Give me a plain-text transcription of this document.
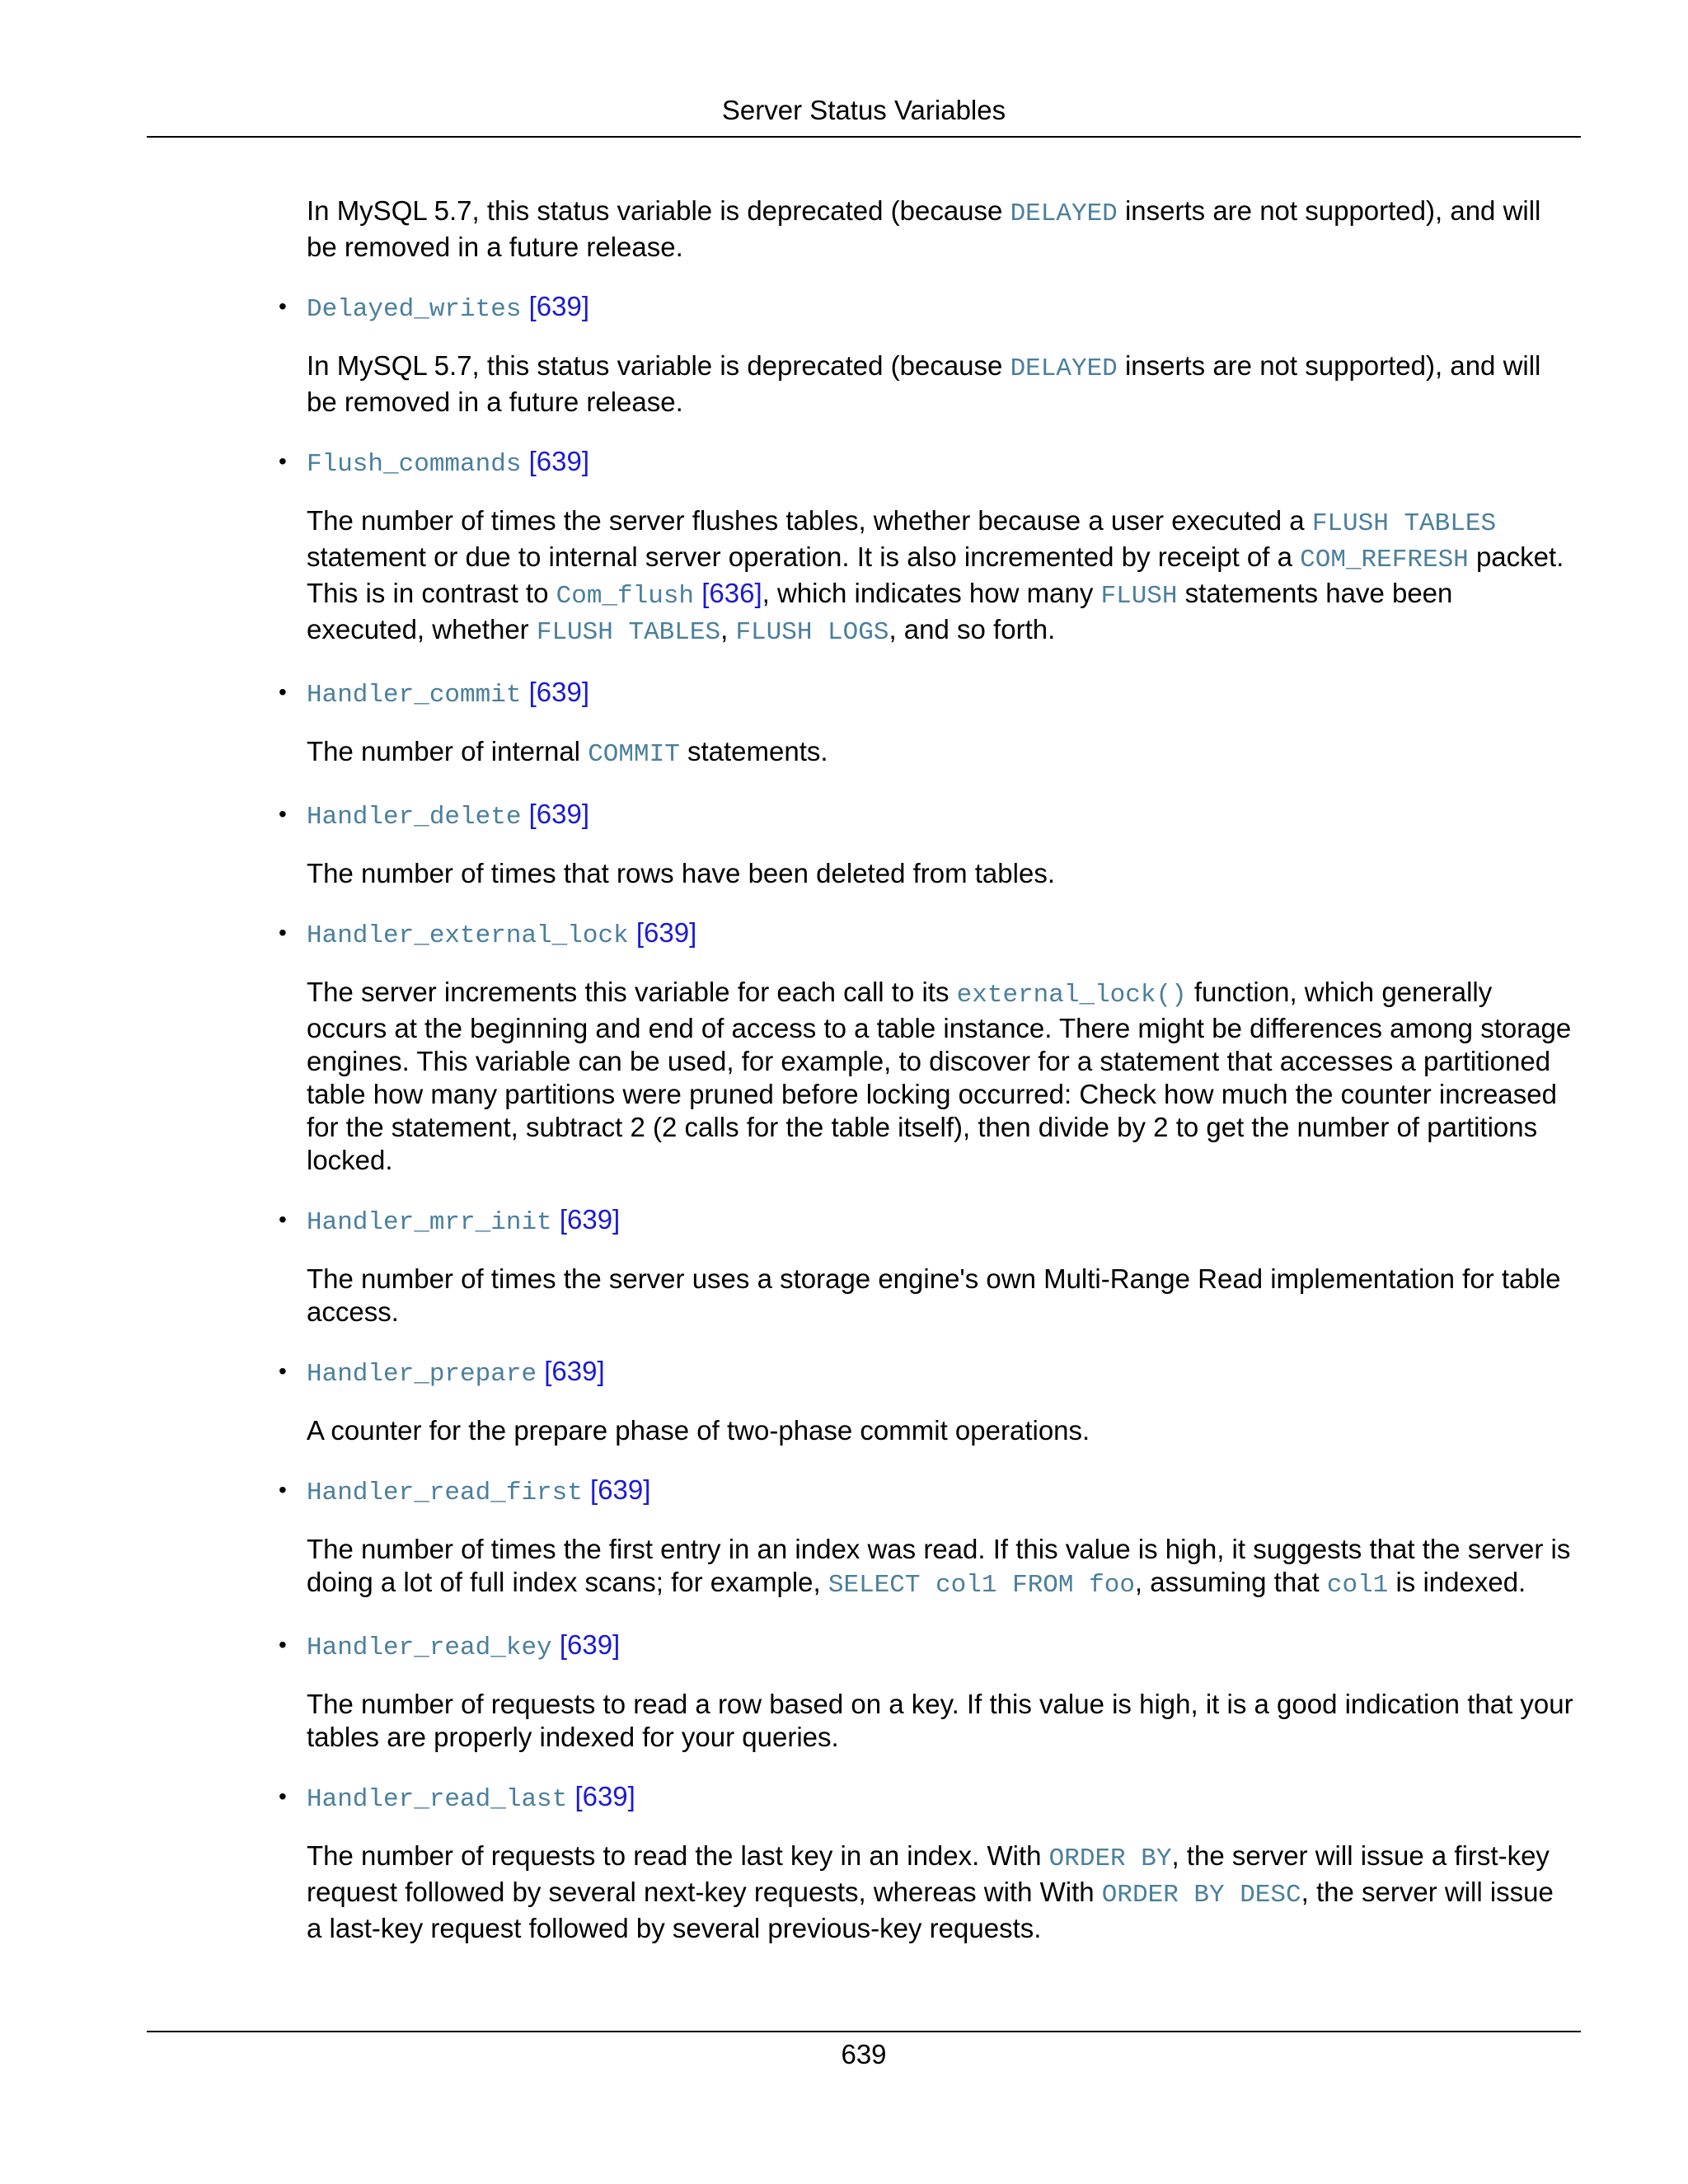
Server Status Variables

In MySQL 5.7, this status variable is deprecated (because DELAYED inserts are not supported), and will be removed in a future release.

• Delayed_writes [639]

In MySQL 5.7, this status variable is deprecated (because DELAYED inserts are not supported), and will be removed in a future release.

• Flush_commands [639]

The number of times the server flushes tables, whether because a user executed a FLUSH TABLES statement or due to internal server operation. It is also incremented by receipt of a COM_REFRESH packet. This is in contrast to Com_flush [636], which indicates how many FLUSH statements have been executed, whether FLUSH TABLES, FLUSH LOGS, and so forth.

• Handler_commit [639]

The number of internal COMMIT statements.

• Handler_delete [639]

The number of times that rows have been deleted from tables.

• Handler_external_lock [639]

The server increments this variable for each call to its external_lock() function, which generally occurs at the beginning and end of access to a table instance. There might be differences among storage engines. This variable can be used, for example, to discover for a statement that accesses a partitioned table how many partitions were pruned before locking occurred: Check how much the counter increased for the statement, subtract 2 (2 calls for the table itself), then divide by 2 to get the number of partitions locked.

• Handler_mrr_init [639]

The number of times the server uses a storage engine's own Multi-Range Read implementation for table access.

• Handler_prepare [639]

A counter for the prepare phase of two-phase commit operations.

• Handler_read_first [639]

The number of times the first entry in an index was read. If this value is high, it suggests that the server is doing a lot of full index scans; for example, SELECT col1 FROM foo, assuming that col1 is indexed.

• Handler_read_key [639]

The number of requests to read a row based on a key. If this value is high, it is a good indication that your tables are properly indexed for your queries.

• Handler_read_last [639]

The number of requests to read the last key in an index. With ORDER BY, the server will issue a first-key request followed by several next-key requests, whereas with With ORDER BY DESC, the server will issue a last-key request followed by several previous-key requests.

639
